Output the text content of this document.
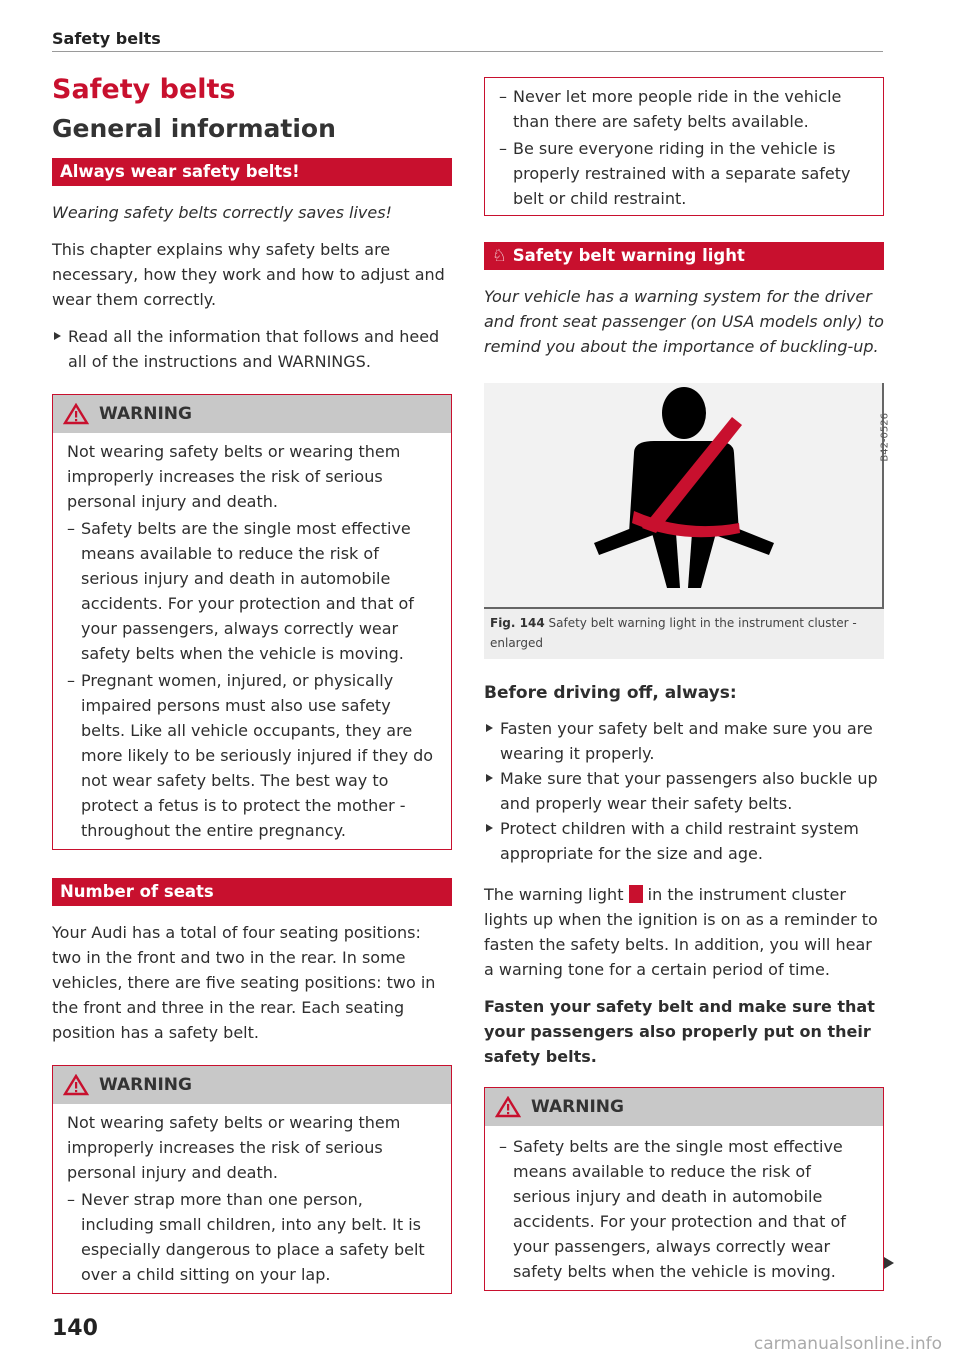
Safety belts
Safety belts
General information
Always wear safety belts!

Wearing safety belts correctly saves lives!

This chapter explains why safety belts are necessary, how they work and how to adjust and wear them correctly.

Read all the information that follows and heed all of the instructions and WARNINGS.
WARNING

Not wearing safety belts or wearing them improperly increases the risk of serious personal injury and death.

– Safety belts are the single most effective means available to reduce the risk of serious injury and death in automobile accidents. For your protection and that of your passengers, always correctly wear safety belts when the vehicle is moving.
– Pregnant women, injured, or physically impaired persons must also use safety belts. Like all vehicle occupants, they are more likely to be seriously injured if they do not wear safety belts. The best way to protect a fetus is to protect the mother - throughout the entire pregnancy.
Number of seats

Your Audi has a total of four seating positions: two in the front and two in the rear. In some vehicles, there are five seating positions: two in the front and three in the rear. Each seating position has a safety belt.

WARNING

Not wearing safety belts or wearing them improperly increases the risk of serious personal injury and death.

– Never strap more than one person, including small children, into any belt. It is especially dangerous to place a safety belt over a child sitting on your lap.
– Never let more people ride in the vehicle than there are safety belts available.
– Be sure everyone riding in the vehicle is properly restrained with a separate safety belt or child restraint.
♘ Safety belt warning light

Your vehicle has a warning system for the driver and front seat passenger (on USA models only) to remind you about the importance of buckling-up.

B42-0526
Fig. 144 Safety belt warning light in the instrument cluster - enlarged
Before driving off, always:
Fasten your safety belt and make sure you are wearing it properly.
Make sure that your passengers also buckle up and properly wear their safety belts.
Protect children with a child restraint system appropriate for the size and age.

The warning light in the instrument cluster lights up when the ignition is on as a reminder to fasten the safety belts. In addition, you will hear a warning tone for a certain period of time.

Fasten your safety belt and make sure that your passengers also properly put on their safety belts.

WARNING
– Safety belts are the single most effective means available to reduce the risk of serious injury and death in automobile accidents. For your protection and that of your passengers, always correctly wear safety belts when the vehicle is moving.
140
carmanualsonline.info
